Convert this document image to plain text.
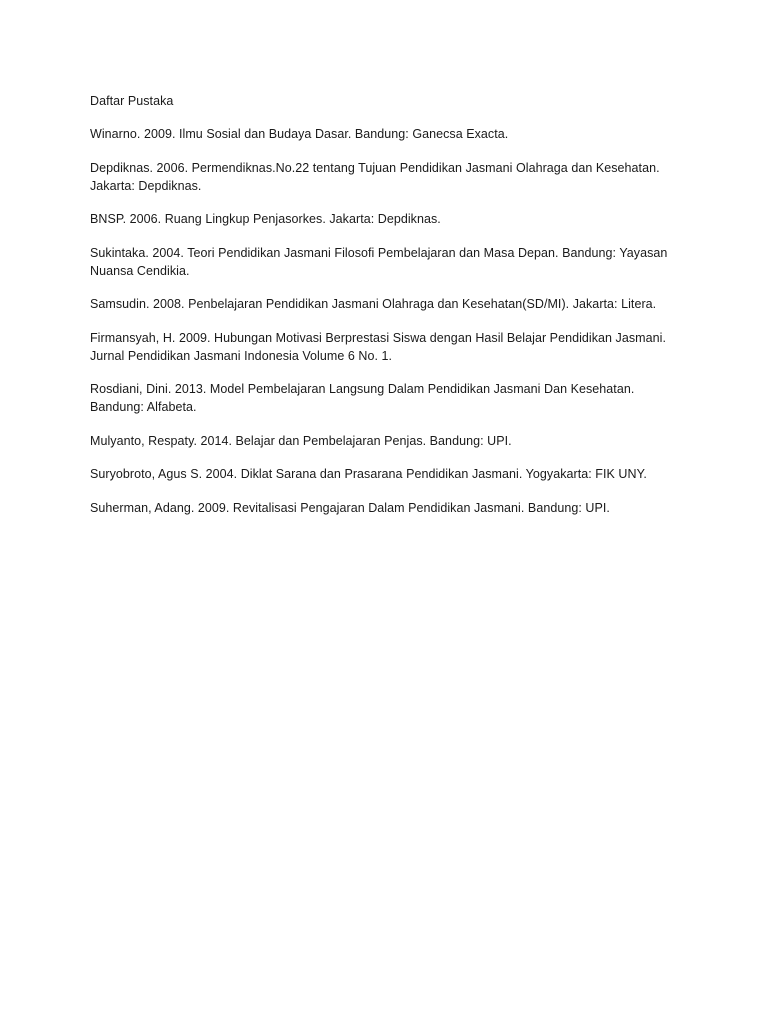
Daftar Pustaka
Winarno. 2009. Ilmu Sosial dan Budaya Dasar. Bandung: Ganecsa Exacta.
Depdiknas. 2006. Permendiknas.No.22 tentang Tujuan Pendidikan Jasmani Olahraga dan Kesehatan. Jakarta: Depdiknas.
BNSP. 2006. Ruang Lingkup Penjasorkes. Jakarta: Depdiknas.
Sukintaka. 2004. Teori Pendidikan Jasmani Filosofi Pembelajaran dan Masa Depan. Bandung: Yayasan Nuansa Cendikia.
Samsudin. 2008. Penbelajaran Pendidikan Jasmani Olahraga dan Kesehatan(SD/MI). Jakarta: Litera.
Firmansyah, H. 2009. Hubungan Motivasi Berprestasi Siswa dengan Hasil Belajar Pendidikan Jasmani. Jurnal Pendidikan Jasmani Indonesia Volume 6 No. 1.
Rosdiani, Dini. 2013. Model Pembelajaran Langsung Dalam Pendidikan Jasmani Dan Kesehatan. Bandung: Alfabeta.
Mulyanto, Respaty. 2014. Belajar dan Pembelajaran Penjas. Bandung: UPI.
Suryobroto, Agus S. 2004. Diklat Sarana dan Prasarana Pendidikan Jasmani. Yogyakarta: FIK UNY.
Suherman, Adang. 2009. Revitalisasi Pengajaran Dalam Pendidikan Jasmani. Bandung: UPI.
